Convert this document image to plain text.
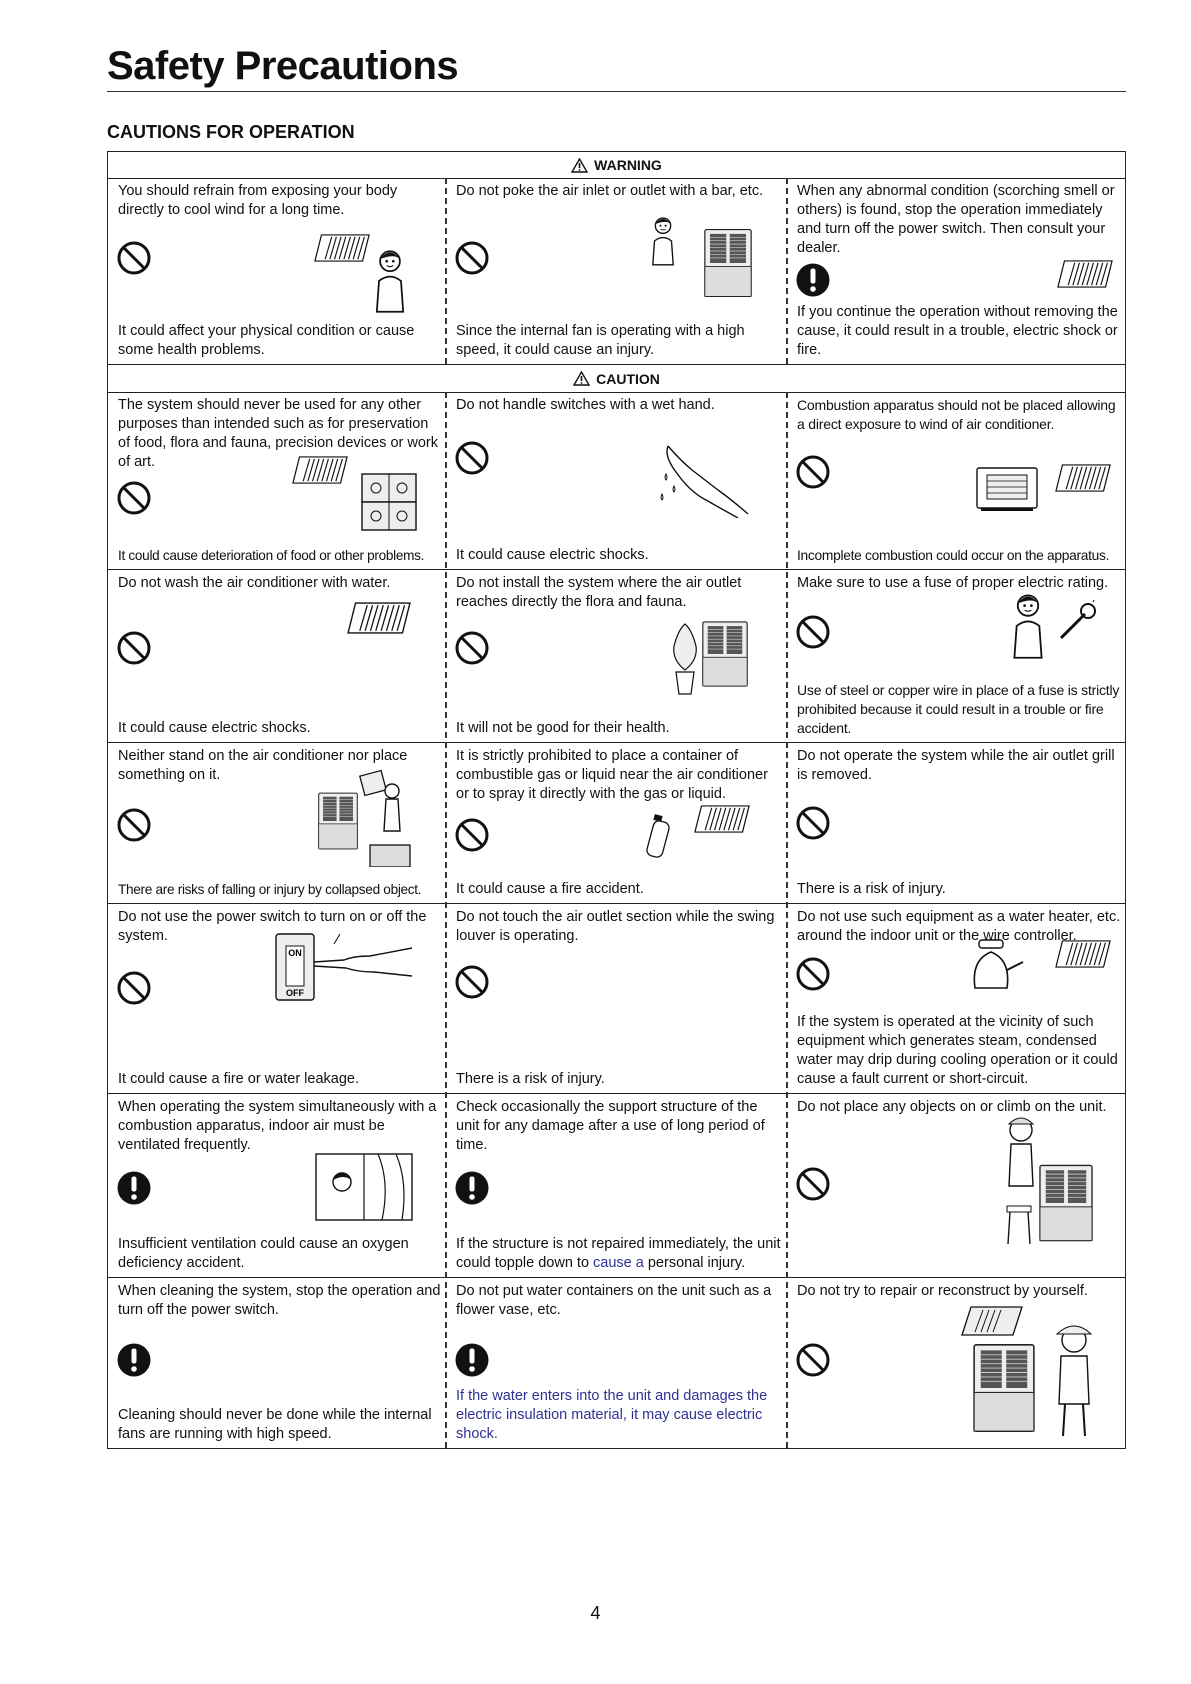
Safety Precautions
CAUTIONS FOR OPERATION
WARNING
CAUTION
You should refrain from exposing your body directly to cool wind for a long time.
It could affect your physical condition or cause some health problems.
Do not poke the air inlet or outlet with a bar, etc.
Since the internal fan is operating with a high speed, it could cause an injury.
When any abnormal condition (scorching smell or others) is found, stop the operation immediately and turn off the power switch. Then consult your dealer.
If you continue the operation without removing the cause, it could result in a trouble, electric shock or fire.
The system should never be used for any other purposes than intended such as for preservation of food, flora and fauna, precision devices or work of art.
It could cause deterioration of food or other problems.
Do not handle switches with a wet hand.
It could cause electric shocks.
Combustion apparatus should not be placed allowing a direct exposure to wind of air conditioner.
Incomplete combustion could occur on the apparatus.
Do not wash the air conditioner with water.
It could cause electric shocks.
Do not install the system where the air outlet reaches directly the flora and fauna.
It will not be good for their health.
Make sure to use a fuse of proper electric rating.
Use of steel or copper wire in place of a fuse is strictly prohibited because it could result in a trouble or fire accident.
Neither stand on the air conditioner nor place something on it.
There are risks of falling or injury by collapsed object.
It is strictly prohibited to place a container of combustible gas or liquid near the air conditioner or to spray it directly with the gas or liquid.
It could cause a fire accident.
Do not operate the system while the air outlet grill is removed.
There is a risk of injury.
Do not use the power switch to turn on or off the system.
ON
OFF
It could cause a fire or water leakage.
Do not touch the air outlet section while the swing louver is operating.
There is a risk of injury.
Do not use such equipment as a water heater, etc. around the indoor unit or the wire controller.
If the system is operated at the vicinity of such equipment which generates steam, condensed water may drip during cooling operation or it could cause a fault current or short-circuit.
When operating the system simultaneously with a combustion apparatus, indoor air must be ventilated frequently.
Insufficient ventilation could cause an oxygen deficiency accident.
Check occasionally the support structure of the unit for any damage after a use of long period of time.
If the structure is not repaired immediately, the unit could topple down to cause a personal injury.
Do not place any objects on or climb on the unit.
When cleaning the system, stop the operation and turn off the power switch.
Cleaning should never be done while the internal fans are running with high speed.
Do not put water containers on the unit such as a flower vase, etc.
If the water enters into the unit and damages the electric insulation material, it may cause electric shock.
Do not try to repair or reconstruct by yourself.
4
